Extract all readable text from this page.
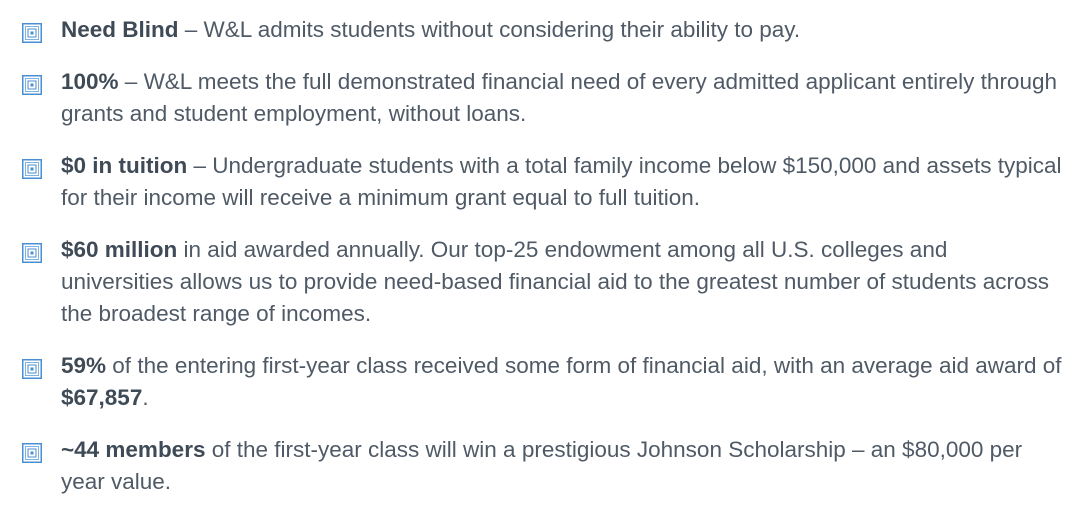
Need Blind – W&L admits students without considering their ability to pay.
100% – W&L meets the full demonstrated financial need of every admitted applicant entirely through grants and student employment, without loans.
$0 in tuition – Undergraduate students with a total family income below $150,000 and assets typical for their income will receive a minimum grant equal to full tuition.
$60 million in aid awarded annually. Our top-25 endowment among all U.S. colleges and universities allows us to provide need-based financial aid to the greatest number of students across the broadest range of incomes.
59% of the entering first-year class received some form of financial aid, with an average aid award of $67,857.
~44 members of the first-year class will win a prestigious Johnson Scholarship – an $80,000 per year value.
